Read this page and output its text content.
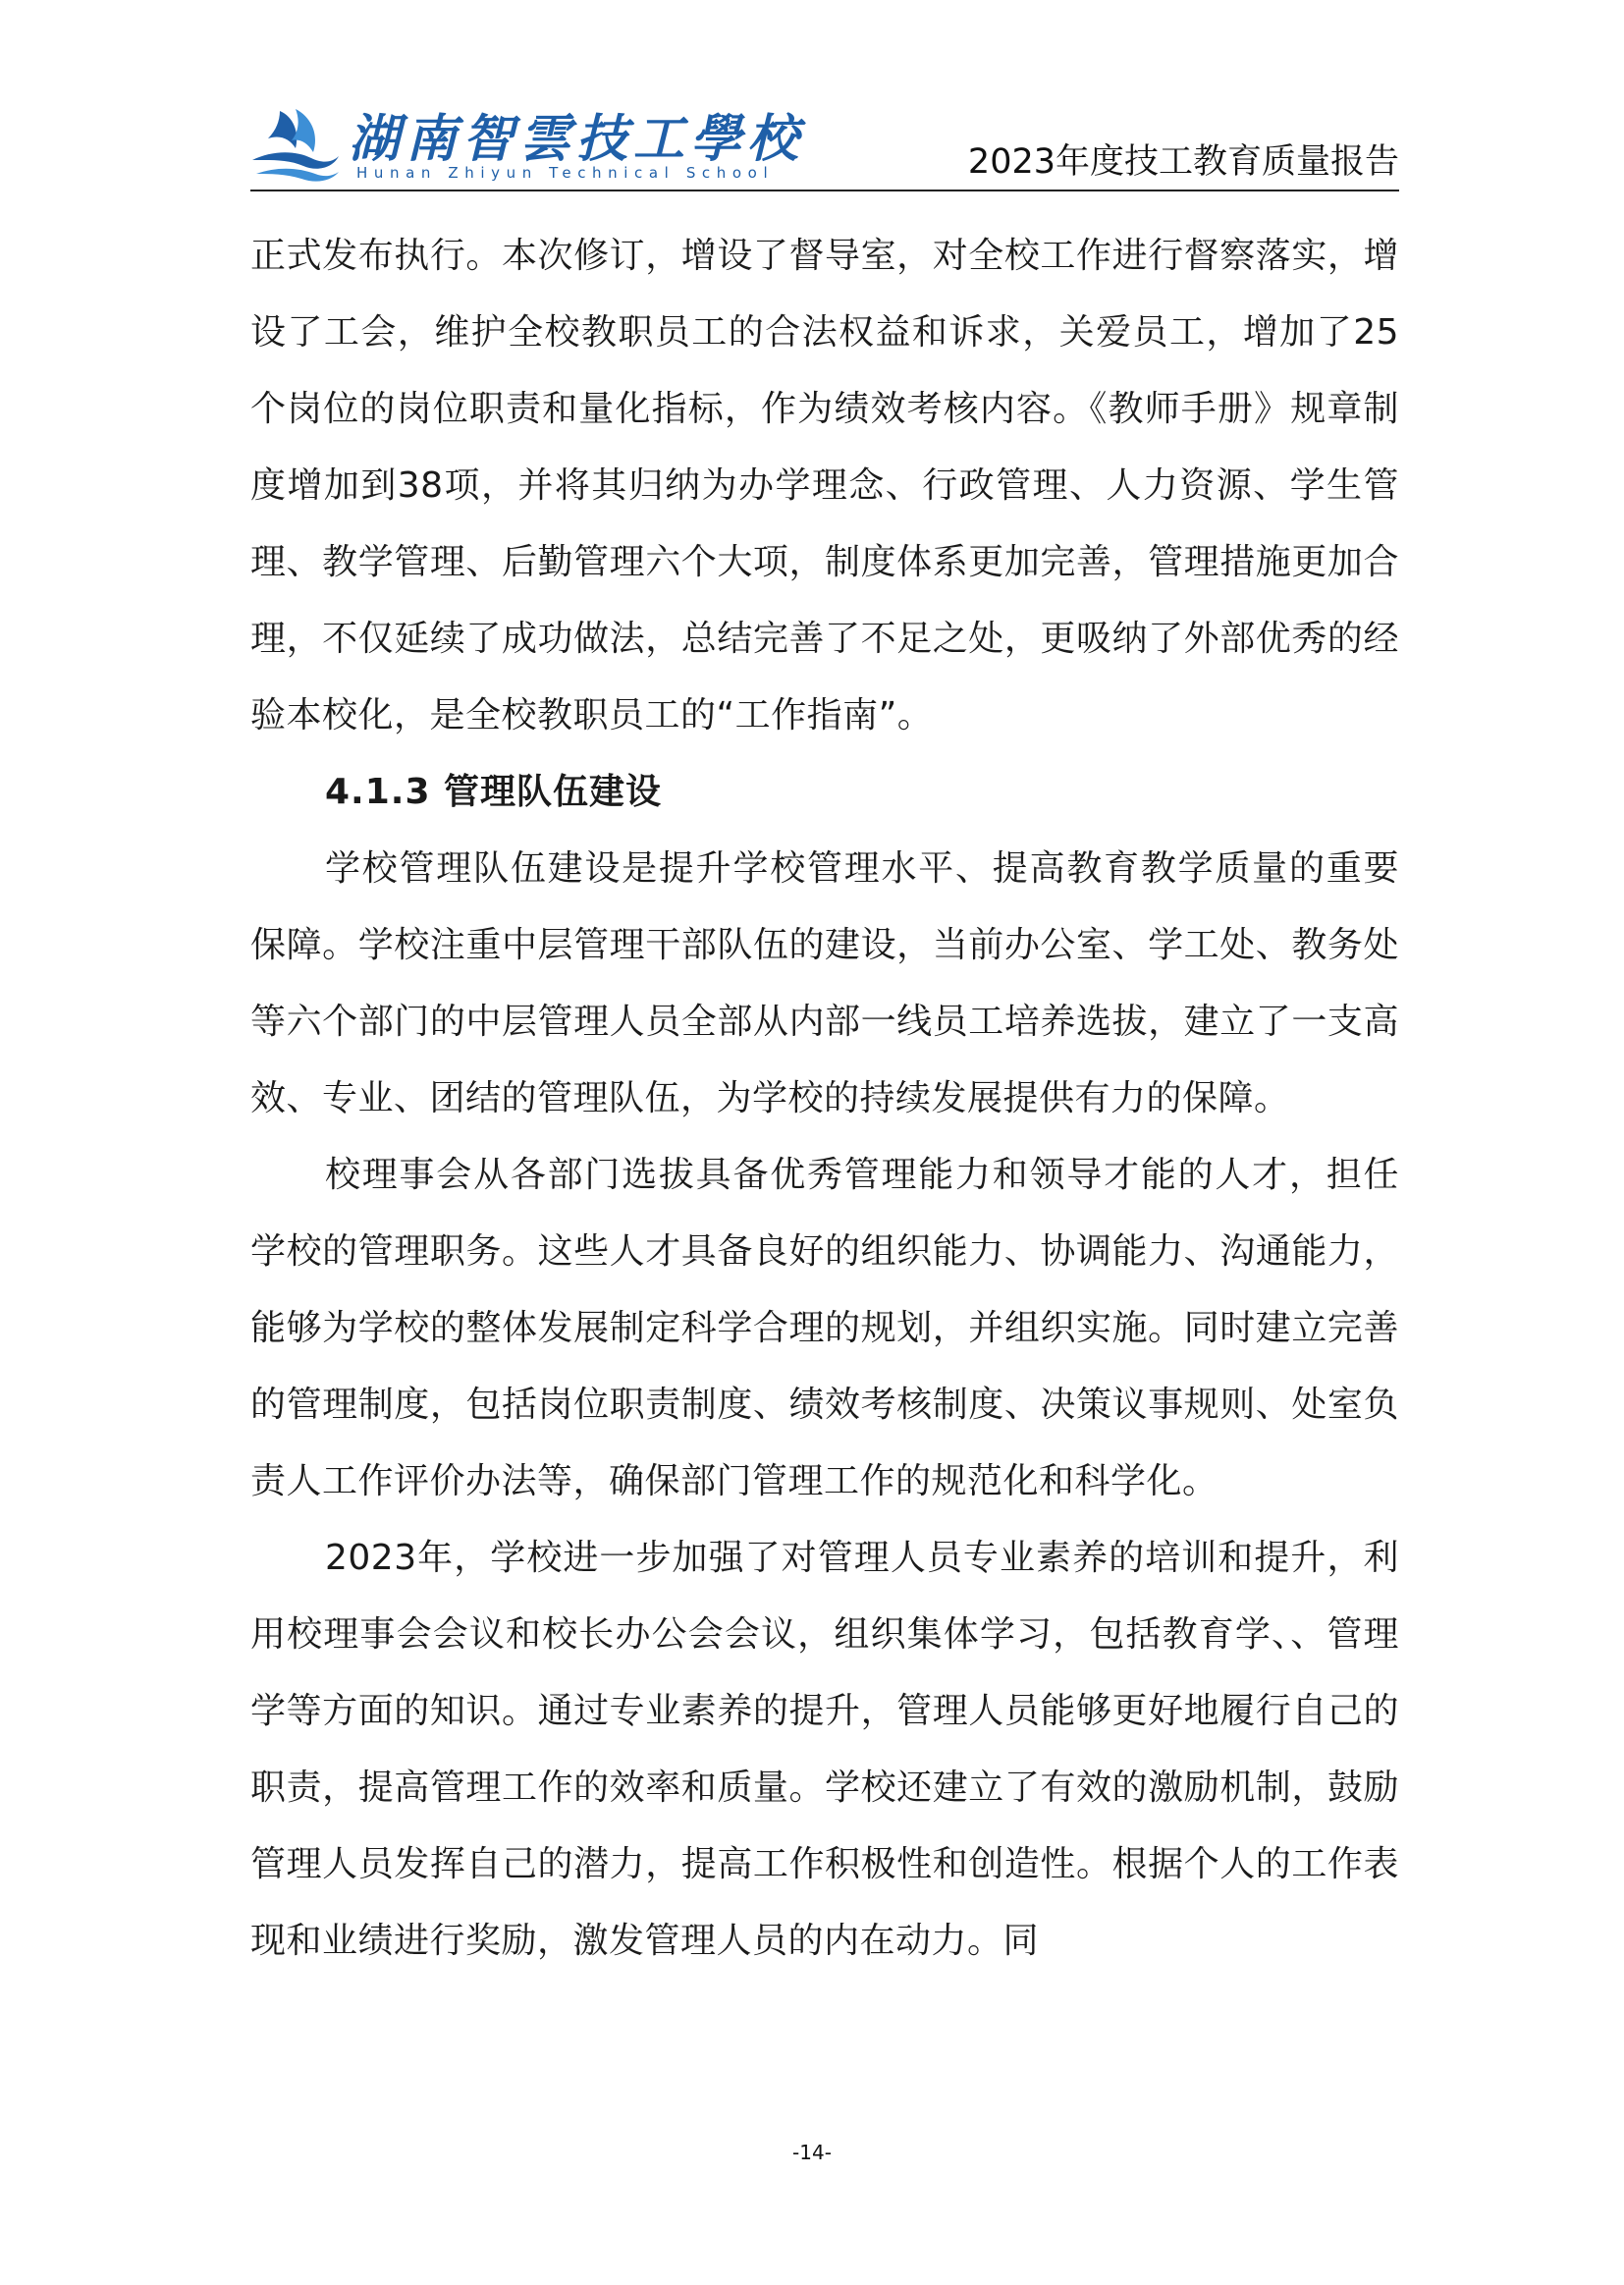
湖南智雲技工學校
Hunan Zhiyun Technical School	2023年度技工教育质量报告

正式发布执行。本次修订，增设了督导室，对全校工作进行督察落实，增设了工会，维护全校教职员工的合法权益和诉求，关爱员工，增加了25个岗位的岗位职责和量化指标，作为绩效考核内容。《教师手册》规章制度增加到38项，并将其归纳为办学理念、行政管理、人力资源、学生管理、教学管理、后勤管理六个大项，制度体系更加完善，管理措施更加合理，不仅延续了成功做法，总结完善了不足之处，更吸纳了外部优秀的经验本校化，是全校教职员工的“工作指南”。

4.1.3 管理队伍建设

学校管理队伍建设是提升学校管理水平、提高教育教学质量的重要保障。学校注重中层管理干部队伍的建设，当前办公室、学工处、教务处等六个部门的中层管理人员全部从内部一线员工培养选拔，建立了一支高效、专业、团结的管理队伍，为学校的持续发展提供有力的保障。

校理事会从各部门选拔具备优秀管理能力和领导才能的人才，担任学校的管理职务。这些人才具备良好的组织能力、协调能力、沟通能力，能够为学校的整体发展制定科学合理的规划，并组织实施。同时建立完善的管理制度，包括岗位职责制度、绩效考核制度、决策议事规则、处室负责人工作评价办法等，确保部门管理工作的规范化和科学化。

2023年，学校进一步加强了对管理人员专业素养的培训和提升，利用校理事会会议和校长办公会会议，组织集体学习，包括教育学、、管理学等方面的知识。通过专业素养的提升，管理人员能够更好地履行自己的职责，提高管理工作的效率和质量。学校还建立了有效的激励机制，鼓励管理人员发挥自己的潜力，提高工作积极性和创造性。根据个人的工作表现和业绩进行奖励，激发管理人员的内在动力。同

-14-
